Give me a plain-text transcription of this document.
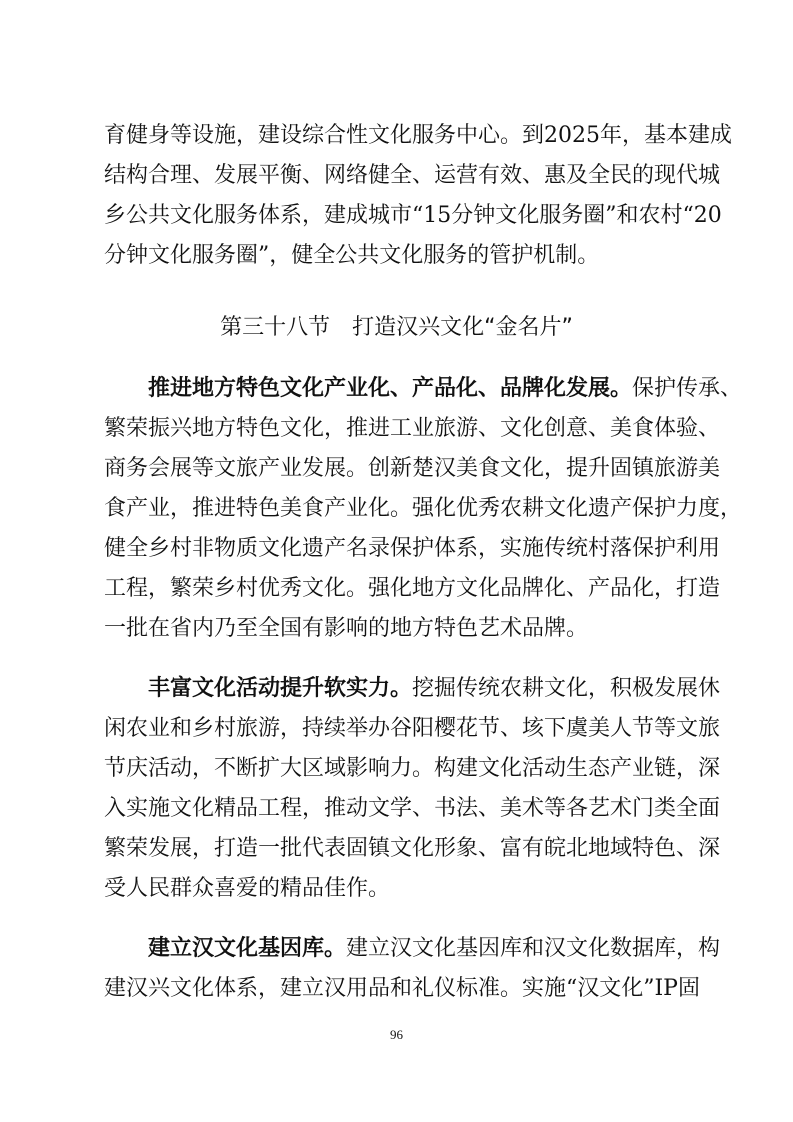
育健身等设施，建设综合性文化服务中心。到2025年，基本建成
结构合理、发展平衡、网络健全、运营有效、惠及全民的现代城
乡公共文化服务体系，建成城市“15分钟文化服务圈”和农村“20
分钟文化服务圈”，健全公共文化服务的管护机制。
第三十八节 打造汉兴文化“金名片”
推进地方特色文化产业化、产品化、品牌化发展。保护传承、
繁荣振兴地方特色文化，推进工业旅游、文化创意、美食体验、
商务会展等文旅产业发展。创新楚汉美食文化，提升固镇旅游美
食产业，推进特色美食产业化。强化优秀农耕文化遗产保护力度，
健全乡村非物质文化遗产名录保护体系，实施传统村落保护利用
工程，繁荣乡村优秀文化。强化地方文化品牌化、产品化，打造
一批在省内乃至全国有影响的地方特色艺术品牌。
丰富文化活动提升软实力。挖掘传统农耕文化，积极发展休
闲农业和乡村旅游，持续举办谷阳樱花节、垓下虞美人节等文旅
节庆活动，不断扩大区域影响力。构建文化活动生态产业链，深
入实施文化精品工程，推动文学、书法、美术等各艺术门类全面
繁荣发展，打造一批代表固镇文化形象、富有皖北地域特色、深
受人民群众喜爱的精品佳作。
建立汉文化基因库。建立汉文化基因库和汉文化数据库，构
建汉兴文化体系，建立汉用品和礼仪标准。实施“汉文化”IP固
96
